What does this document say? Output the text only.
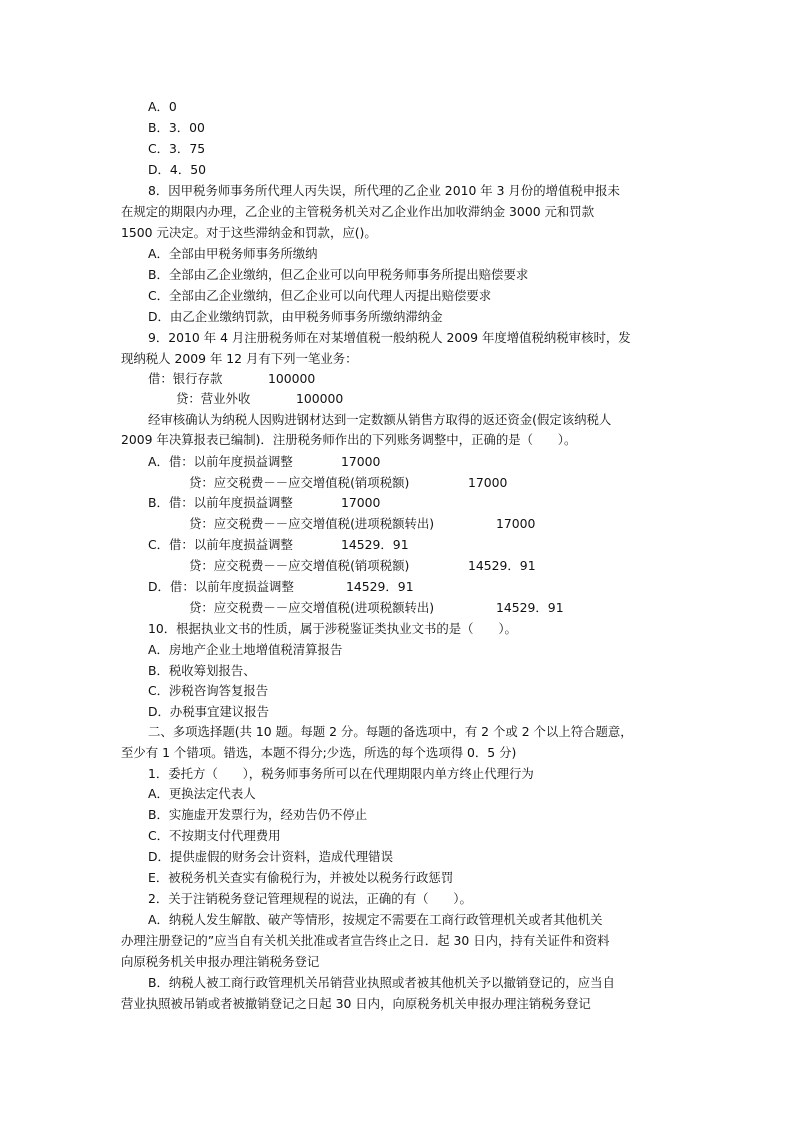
A．0
B．3．00
C．3．75
D．4．50
8．因甲税务师事务所代理人丙失误，所代理的乙企业 2010 年 3 月份的增值税申报未
在规定的期限内办理，乙企业的主管税务机关对乙企业作出加收滞纳金 3000 元和罚款
1500 元决定。对于这些滞纳金和罚款，应()。
A．全部由甲税务师事务所缴纳
B．全部由乙企业缴纳，但乙企业可以向甲税务师事务所提出赔偿要求
C．全部由乙企业缴纳，但乙企业可以向代理人丙提出赔偿要求
D．由乙企业缴纳罚款，由甲税务师事务所缴纳滞纳金
9．2010 年 4 月注册税务师在对某增值税一般纳税人 2009 年度增值税纳税审核时，发
现纳税人 2009 年 12 月有下列一笔业务：
借：银行存款	100000
贷：营业外收	100000
经审核确认为纳税人因购进钢材达到一定数额从销售方取得的返还资金(假定该纳税人
2009 年决算报表已编制)．注册税务师作出的下列账务调整中，正确的是（　　）。
A．借：以前年度损益调整	17000
贷：应交税费－－应交增值税(销项税额)	17000
B．借：以前年度损益调整	17000
贷：应交税费－－应交增值税(进项税额转出)	17000
C．借：以前年度损益调整	14529．91
贷：应交税费－－应交增值税(销项税额)	14529．91
D．借：以前年度损益调整	14529．91
贷：应交税费－－应交增值税(进项税额转出)	14529．91
10．根据执业文书的性质，属于涉税鉴证类执业文书的是（　　）。
A．房地产企业土地增值税清算报告
B．税收筹划报告、
C．涉税咨询答复报告
D．办税事宜建议报告
二、多项选择题(共 10 题。每题 2 分。每题的备选项中，有 2 个或 2 个以上符合题意，
至少有 1 个错项。错选，本题不得分;少选，所选的每个选项得 0．5 分)
1．委托方（　　），税务师事务所可以在代理期限内单方终止代理行为
A．更换法定代表人
B．实施虚开发票行为，经劝告仍不停止
C．不按期支付代理费用
D．提供虚假的财务会计资料，造成代理错误
E．被税务机关查实有偷税行为，并被处以税务行政惩罚
2．关于注销税务登记管理规程的说法，正确的有（　　）。
A．纳税人发生解散、破产等情形，按规定不需要在工商行政管理机关或者其他机关
办理注册登记的”应当自有关机关批准或者宣告终止之日．起 30 日内，持有关证件和资料
向原税务机关申报办理注销税务登记
B．纳税人被工商行政管理机关吊销营业执照或者被其他机关予以撤销登记的，应当自
营业执照被吊销或者被撤销登记之日起 30 日内，向原税务机关申报办理注销税务登记
